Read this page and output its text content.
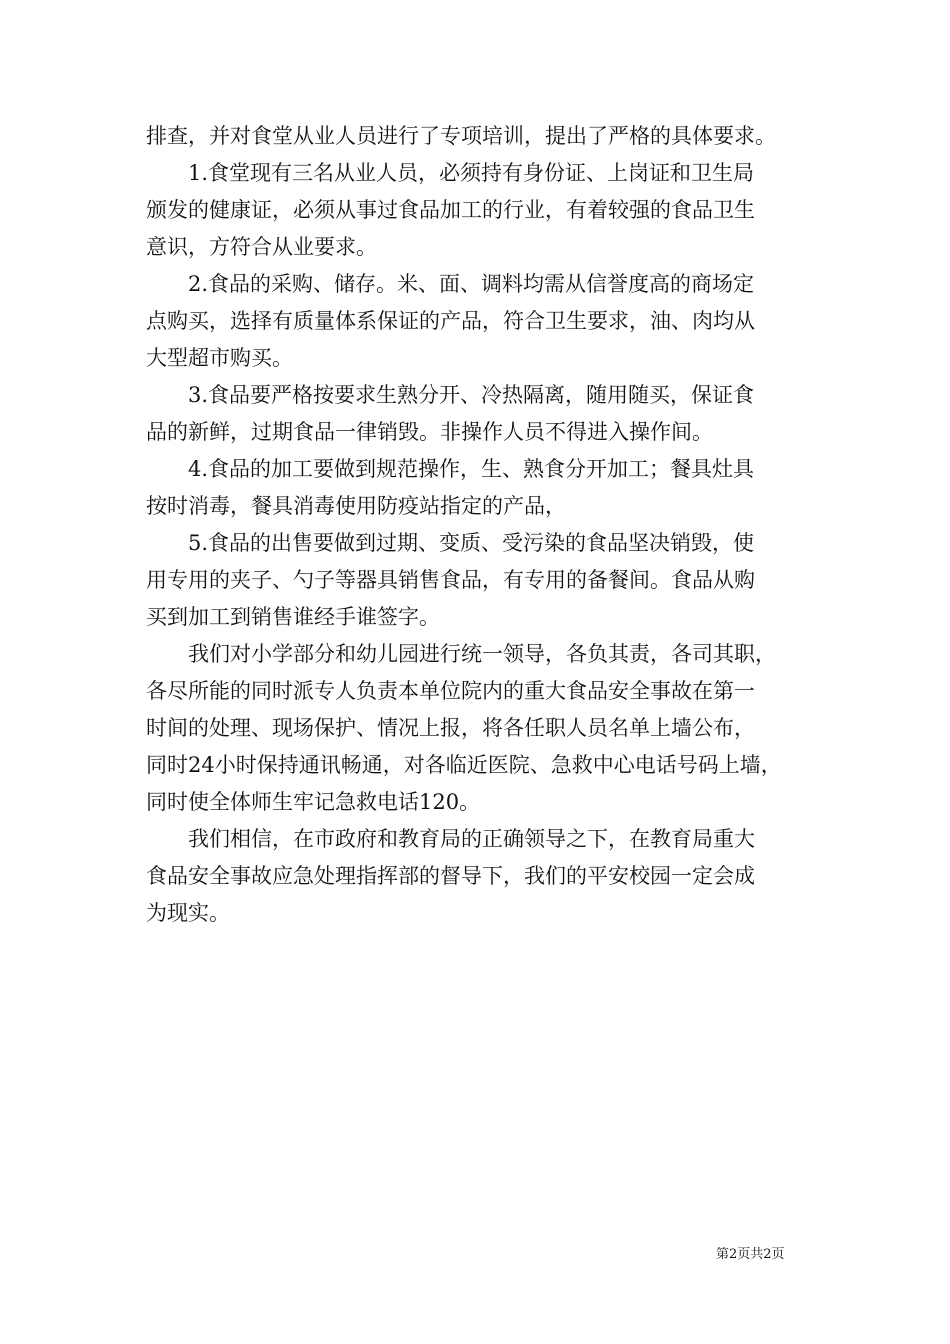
排查，并对食堂从业人员进行了专项培训，提出了严格的具体要求。
　　1.食堂现有三名从业人员，必须持有身份证、上岗证和卫生局
颁发的健康证，必须从事过食品加工的行业，有着较强的食品卫生
意识，方符合从业要求。
　　2.食品的采购、储存。米、面、调料均需从信誉度高的商场定
点购买，选择有质量体系保证的产品，符合卫生要求，油、肉均从
大型超市购买。
　　3.食品要严格按要求生熟分开、冷热隔离，随用随买，保证食
品的新鲜，过期食品一律销毁。非操作人员不得进入操作间。
　　4.食品的加工要做到规范操作，生、熟食分开加工；餐具灶具
按时消毒，餐具消毒使用防疫站指定的产品，
　　5.食品的出售要做到过期、变质、受污染的食品坚决销毁，使
用专用的夹子、勺子等器具销售食品，有专用的备餐间。食品从购
买到加工到销售谁经手谁签字。
　　我们对小学部分和幼儿园进行统一领导，各负其责，各司其职，
各尽所能的同时派专人负责本单位院内的重大食品安全事故在第一
时间的处理、现场保护、情况上报，将各任职人员名单上墙公布，
同时24小时保持通讯畅通，对各临近医院、急救中心电话号码上墙，
同时使全体师生牢记急救电话120。
　　我们相信，在市政府和教育局的正确领导之下，在教育局重大
食品安全事故应急处理指挥部的督导下，我们的平安校园一定会成
为现实。
第2页共2页
